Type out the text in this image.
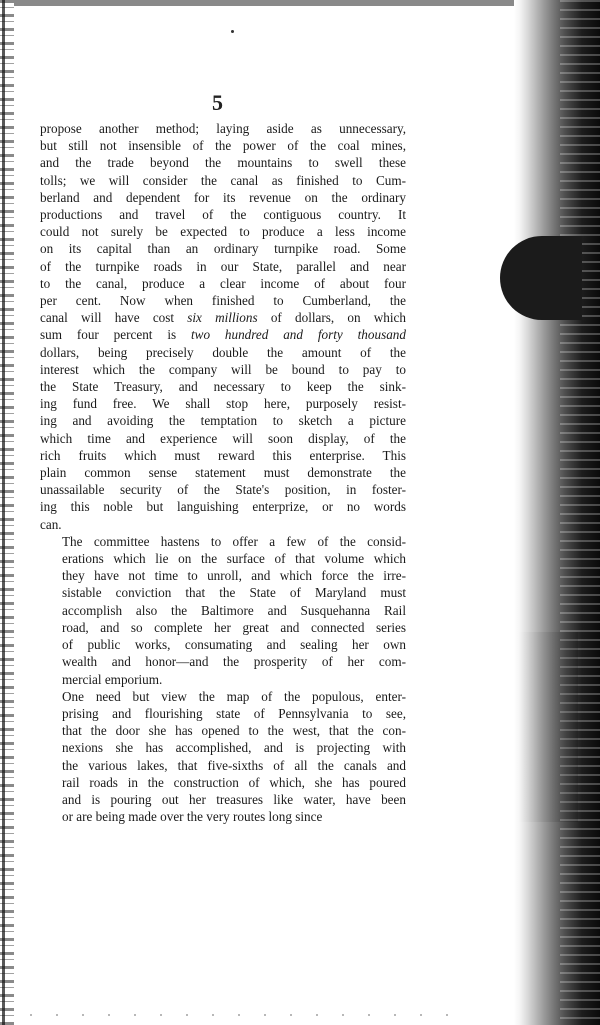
5

propose another method; laying aside as unnecessary,
but still not insensible of the power of the coal mines,
and the trade beyond the mountains to swell these
tolls; we will consider the canal as finished to Cum-
berland and dependent for its revenue on the ordinary
productions and travel of the contiguous country. It
could not surely be expected to produce a less income
on its capital than an ordinary turnpike road. Some
of the turnpike roads in our State, parallel and near
to the canal, produce a clear income of about four
per cent. Now when finished to Cumberland, the
canal will have cost six millions of dollars, on which
sum four percent is two hundred and forty thousand
dollars, being precisely double the amount of the
interest which the company will be bound to pay to
the State Treasury, and necessary to keep the sink-
ing fund free. We shall stop here, purposely resist-
ing and avoiding the temptation to sketch a picture
which time and experience will soon display, of the
rich fruits which must reward this enterprise. This
plain common sense statement must demonstrate the
unassailable security of the State's position, in foster-
ing this noble but languishing enterprize, or no words
can.

The committee hastens to offer a few of the consid-
erations which lie on the surface of that volume which
they have not time to unroll, and which force the irre-
sistable conviction that the State of Maryland must
accomplish also the Baltimore and Susquehanna Rail
road, and so complete her great and connected series
of public works, consumating and sealing her own
wealth and honor—and the prosperity of her com-
mercial emporium.

One need but view the map of the populous, enter-
prising and flourishing state of Pennsylvania to see,
that the door she has opened to the west, that the con-
nexions she has accomplished, and is projecting with
the various lakes, that five-sixths of all the canals and
rail roads in the construction of which, she has poured
and is pouring out her treasures like water, have been
or are being made over the very routes long since
